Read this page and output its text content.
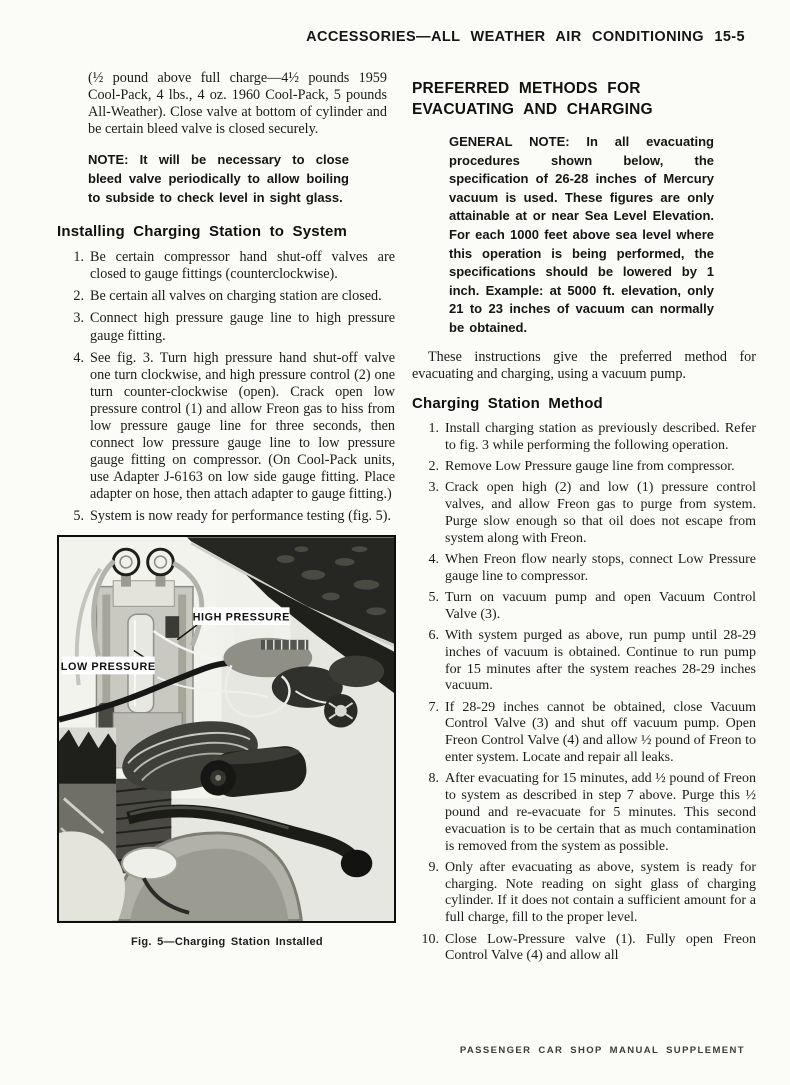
ACCESSORIES—ALL WEATHER AIR CONDITIONING 15-5

(½ pound above full charge—4½ pounds 1959 Cool-Pack, 4 lbs., 4 oz. 1960 Cool-Pack, 5 pounds All-Weather). Close valve at bottom of cylinder and be certain bleed valve is closed securely.

NOTE: It will be necessary to close bleed valve periodically to allow boiling to subside to check level in sight glass.

Installing Charging Station to System
1. Be certain compressor hand shut-off valves are closed to gauge fittings (counterclockwise).
2. Be certain all valves on charging station are closed.
3. Connect high pressure gauge line to high pressure gauge fitting.
4. See fig. 3. Turn high pressure hand shut-off valve one turn clockwise, and high pressure control (2) one turn counter-clockwise (open). Crack open low pressure control (1) and allow Freon gas to hiss from low pressure gauge line for three seconds, then connect low pressure gauge line to low pressure gauge fitting on compressor. (On Cool-Pack units, use Adapter J-6163 on low side gauge fitting. Place adapter on hose, then attach adapter to gauge fitting.)
5. System is now ready for performance testing (fig. 5).
HIGH PRESSURE
LOW PRESSURE
Fig. 5—Charging Station Installed
PREFERRED METHODS FOR
EVACUATING AND CHARGING

GENERAL NOTE: In all evacuating procedures shown below, the specification of 26-28 inches of Mercury vacuum is used. These figures are only attainable at or near Sea Level Elevation. For each 1000 feet above sea level where this operation is being performed, the specifications should be lowered by 1 inch. Example: at 5000 ft. elevation, only 21 to 23 inches of vacuum can normally be obtained.

These instructions give the preferred method for evacuating and charging, using a vacuum pump.

Charging Station Method
1. Install charging station as previously described. Refer to fig. 3 while performing the following operation.
2. Remove Low Pressure gauge line from compressor.
3. Crack open high (2) and low (1) pressure control valves, and allow Freon gas to purge from system. Purge slow enough so that oil does not escape from system along with Freon.
4. When Freon flow nearly stops, connect Low Pressure gauge line to compressor.
5. Turn on vacuum pump and open Vacuum Control Valve (3).
6. With system purged as above, run pump until 28-29 inches of vacuum is obtained. Continue to run pump for 15 minutes after the system reaches 28-29 inches vacuum.
7. If 28-29 inches cannot be obtained, close Vacuum Control Valve (3) and shut off vacuum pump. Open Freon Control Valve (4) and allow ½ pound of Freon to enter system. Locate and repair all leaks.
8. After evacuating for 15 minutes, add ½ pound of Freon to system as described in step 7 above. Purge this ½ pound and re-evacuate for 5 minutes. This second evacuation is to be certain that as much contamination is removed from the system as possible.
9. Only after evacuating as above, system is ready for charging. Note reading on sight glass of charging cylinder. If it does not contain a sufficient amount for a full charge, fill to the proper level.
10. Close Low-Pressure valve (1). Fully open Freon Control Valve (4) and allow all
PASSENGER CAR SHOP MANUAL SUPPLEMENT
